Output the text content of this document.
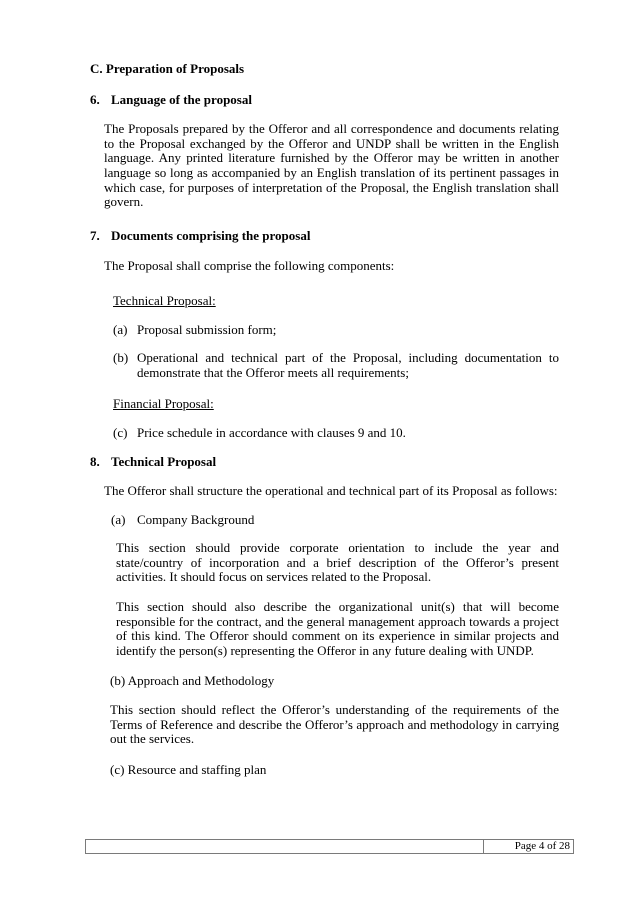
C. Preparation of Proposals
6. Language of the proposal

The Proposals prepared by the Offeror and all correspondence and documents relating to the Proposal exchanged by the Offeror and UNDP shall be written in the English language. Any printed literature furnished by the Offeror may be written in another language so long as accompanied by an English translation of its pertinent passages in which case, for purposes of interpretation of the Proposal, the English translation shall govern.

7. Documents comprising the proposal

The Proposal shall comprise the following components:

Technical Proposal:
(a) Proposal submission form;
(b) Operational and technical part of the Proposal, including documentation to demonstrate that the Offeror meets all requirements;
Financial Proposal:
(c) Price schedule in accordance with clauses 9 and 10.
8. Technical Proposal

The Offeror shall structure the operational and technical part of its Proposal as follows:

(a) Company Background

This section should provide corporate orientation to include the year and state/country of incorporation and a brief description of the Offeror’s present activities. It should focus on services related to the Proposal.

This section should also describe the organizational unit(s) that will become responsible for the contract, and the general management approach towards a project of this kind. The Offeror should comment on its experience in similar projects and identify the person(s) representing the Offeror in any future dealing with UNDP.

(b) Approach and Methodology

This section should reflect the Offeror’s understanding of the requirements of the Terms of Reference and describe the Offeror’s approach and methodology in carrying out the services.

(c) Resource and staffing plan
Page 4 of 28
